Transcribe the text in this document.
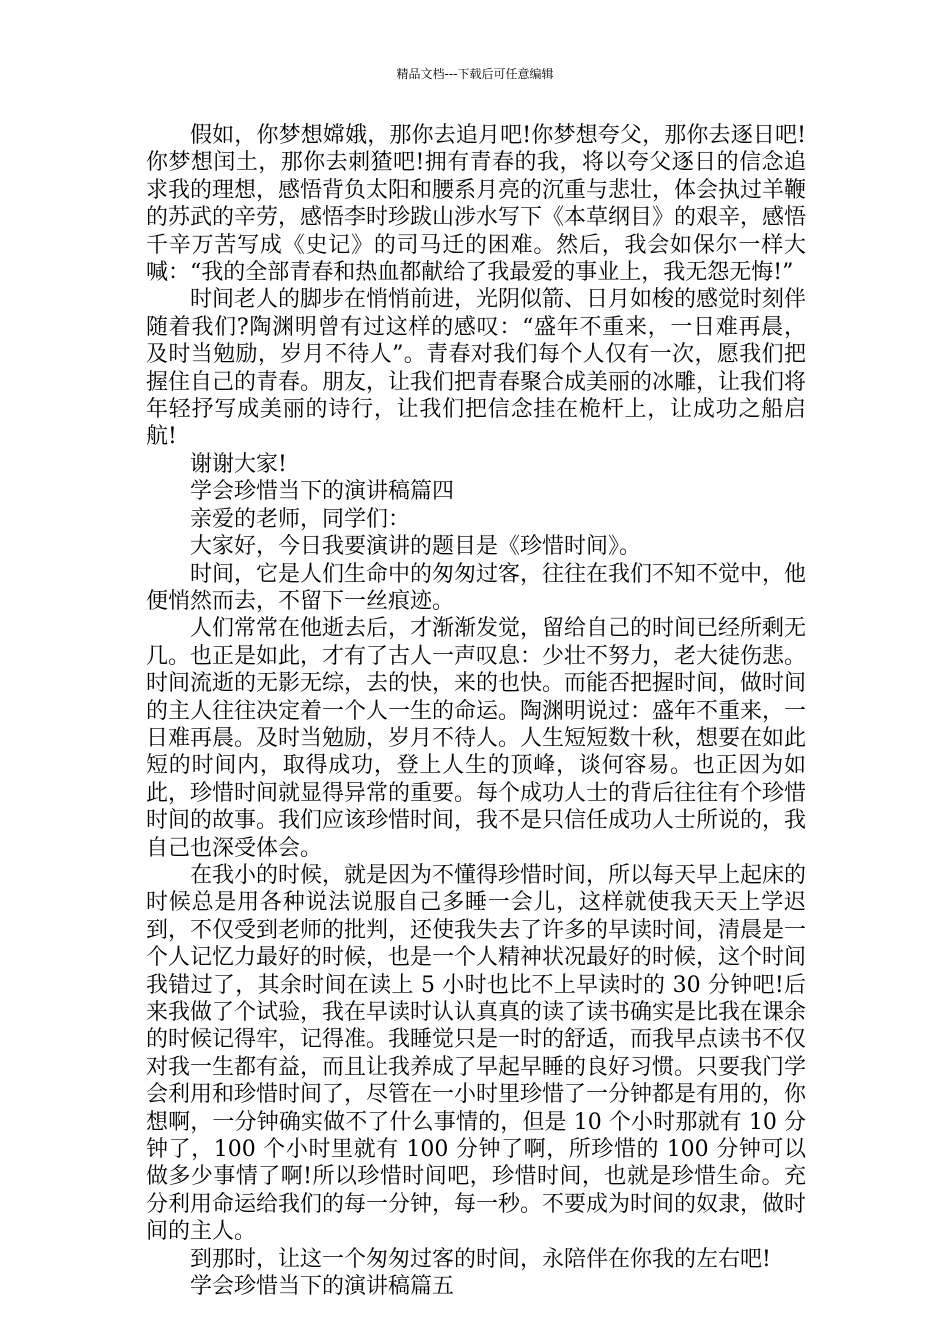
精品文档---下载后可任意编辑

假如，你梦想嫦娥，那你去追月吧!你梦想夸父，那你去逐日吧!你梦想闰土，那你去刺猹吧!拥有青春的我，将以夸父逐日的信念追求我的理想，感悟背负太阳和腰系月亮的沉重与悲壮，体会执过羊鞭的苏武的辛劳，感悟李时珍跋山涉水写下《本草纲目》的艰辛，感悟千辛万苦写成《史记》的司马迁的困难。然后，我会如保尔一样大喊：“我的全部青春和热血都献给了我最爱的事业上，我无怨无悔!”

时间老人的脚步在悄悄前进，光阴似箭、日月如梭的感觉时刻伴随着我们?陶渊明曾有过这样的感叹：“盛年不重来，一日难再晨，及时当勉励，岁月不待人”。青春对我们每个人仅有一次，愿我们把握住自己的青春。朋友，让我们把青春聚合成美丽的冰雕，让我们将年轻抒写成美丽的诗行，让我们把信念挂在桅杆上，让成功之船启航!

谢谢大家!

学会珍惜当下的演讲稿篇四

亲爱的老师，同学们：

大家好，今日我要演讲的题目是《珍惜时间》。

时间，它是人们生命中的匆匆过客，往往在我们不知不觉中，他便悄然而去，不留下一丝痕迹。

人们常常在他逝去后，才渐渐发觉，留给自己的时间已经所剩无几。也正是如此，才有了古人一声叹息：少壮不努力，老大徒伤悲。时间流逝的无影无综，去的快，来的也快。而能否把握时间，做时间的主人往往决定着一个人一生的命运。陶渊明说过：盛年不重来，一日难再晨。及时当勉励，岁月不待人。人生短短数十秋，想要在如此短的时间内，取得成功，登上人生的顶峰，谈何容易。也正因为如此，珍惜时间就显得异常的重要。每个成功人士的背后往往有个珍惜时间的故事。我们应该珍惜时间，我不是只信任成功人士所说的，我自己也深受体会。

在我小的时候，就是因为不懂得珍惜时间，所以每天早上起床的时候总是用各种说法说服自己多睡一会儿，这样就使我天天上学迟到，不仅受到老师的批判，还使我失去了许多的早读时间，清晨是一个人记忆力最好的时候，也是一个人精神状况最好的时候，这个时间我错过了，其余时间在读上 5 小时也比不上早读时的 30 分钟吧!后来我做了个试验，我在早读时认认真真的读了读书确实是比我在课余的时候记得牢，记得准。我睡觉只是一时的舒适，而我早点读书不仅对我一生都有益，而且让我养成了早起早睡的良好习惯。只要我门学会利用和珍惜时间了，尽管在一小时里珍惜了一分钟都是有用的，你想啊，一分钟确实做不了什么事情的，但是 10 个小时那就有 10 分钟了，100 个小时里就有 100 分钟了啊，所珍惜的 100 分钟可以做多少事情了啊!所以珍惜时间吧，珍惜时间，也就是珍惜生命。充分利用命运给我们的每一分钟，每一秒。不要成为时间的奴隶，做时间的主人。

到那时，让这一个匆匆过客的时间，永陪伴在你我的左右吧!

学会珍惜当下的演讲稿篇五
